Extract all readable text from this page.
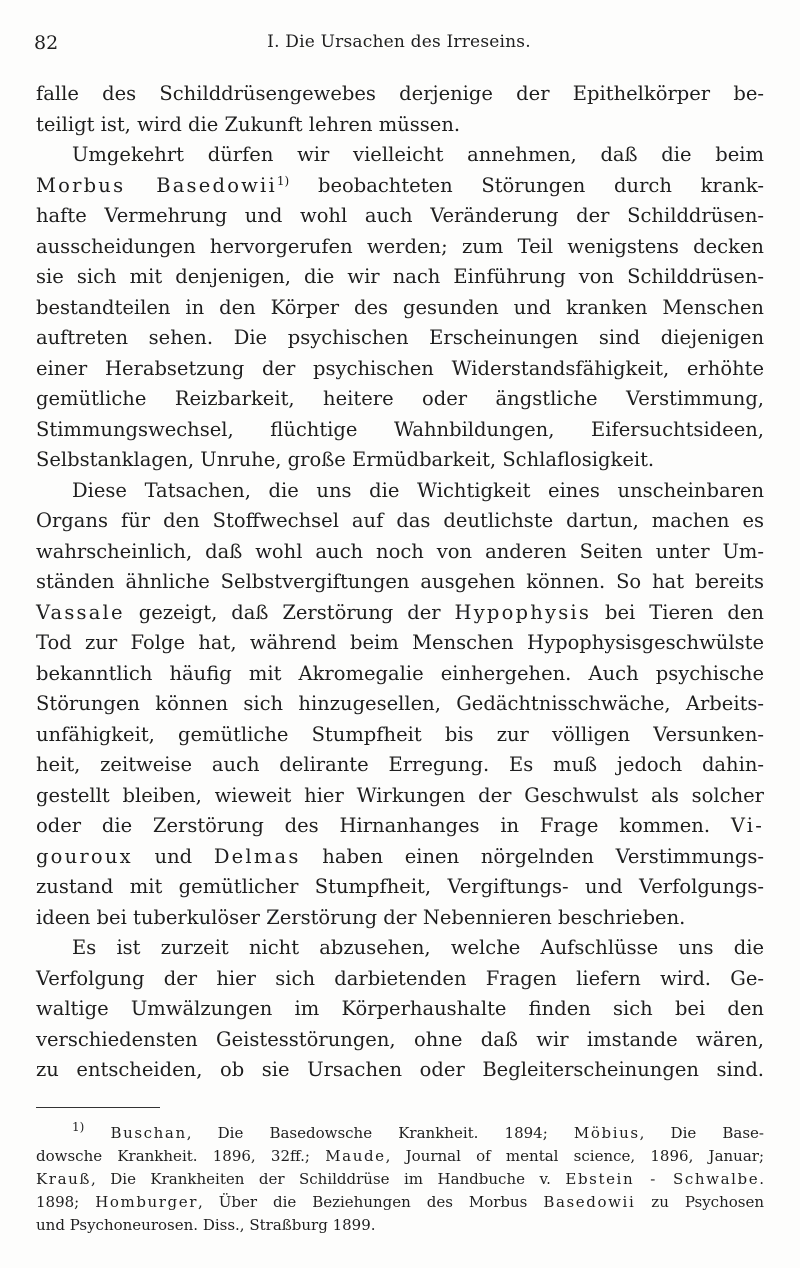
82	I. Die Ursachen des Irreseins.
falle des Schilddrüsengewebes derjenige der Epithelkörper be-
teiligt ist, wird die Zukunft lehren müssen.
Umgekehrt dürfen wir vielleicht annehmen, daß die beim
Morbus Basedowii$^{1)}$ beobachteten Störungen durch krank-
hafte Vermehrung und wohl auch Veränderung der Schilddrüsen-
ausscheidungen hervorgerufen werden; zum Teil wenigstens decken
sie sich mit denjenigen, die wir nach Einführung von Schilddrüsen-
bestandteilen in den Körper des gesunden und kranken Menschen
auftreten sehen. Die psychischen Erscheinungen sind diejenigen
einer Herabsetzung der psychischen Widerstandsfähigkeit, erhöhte
gemütliche Reizbarkeit, heitere oder ängstliche Verstimmung,
Stimmungswechsel, flüchtige Wahnbildungen, Eifersuchtsideen,
Selbstanklagen, Unruhe, große Ermüdbarkeit, Schlaflosigkeit.
Diese Tatsachen, die uns die Wichtigkeit eines unscheinbaren
Organs für den Stoffwechsel auf das deutlichste dartun, machen es
wahrscheinlich, daß wohl auch noch von anderen Seiten unter Um-
ständen ähnliche Selbstvergiftungen ausgehen können. So hat bereits
Vassale gezeigt, daß Zerstörung der Hypophysis bei Tieren den
Tod zur Folge hat, während beim Menschen Hypophysisgeschwülste
bekanntlich häufig mit Akromegalie einhergehen. Auch psychische
Störungen können sich hinzugesellen, Gedächtnisschwäche, Arbeits-
unfähigkeit, gemütliche Stumpfheit bis zur völligen Versunken-
heit, zeitweise auch delirante Erregung. Es muß jedoch dahin-
gestellt bleiben, wieweit hier Wirkungen der Geschwulst als solcher
oder die Zerstörung des Hirnanhanges in Frage kommen. Vi-
gouroux und Delmas haben einen nörgelnden Verstimmungs-
zustand mit gemütlicher Stumpfheit, Vergiftungs- und Verfolgungs-
ideen bei tuberkulöser Zerstörung der Nebennieren beschrieben.
Es ist zurzeit nicht abzusehen, welche Aufschlüsse uns die
Verfolgung der hier sich darbietenden Fragen liefern wird. Ge-
waltige Umwälzungen im Körperhaushalte finden sich bei den
verschiedensten Geistesstörungen, ohne daß wir imstande wären,
zu entscheiden, ob sie Ursachen oder Begleiterscheinungen sind.
$^{1)}$ Buschan, Die Basedowsche Krankheit. 1894; Möbius, Die Base-
dowsche Krankheit. 1896, 32ff.; Maude, Journal of mental science, 1896, Januar;
Krauß, Die Krankheiten der Schilddrüse im Handbuche v. Ebstein - Schwalbe.
1898; Homburger, Über die Beziehungen des Morbus Basedowii zu Psychosen
und Psychoneurosen. Diss., Straßburg 1899.
